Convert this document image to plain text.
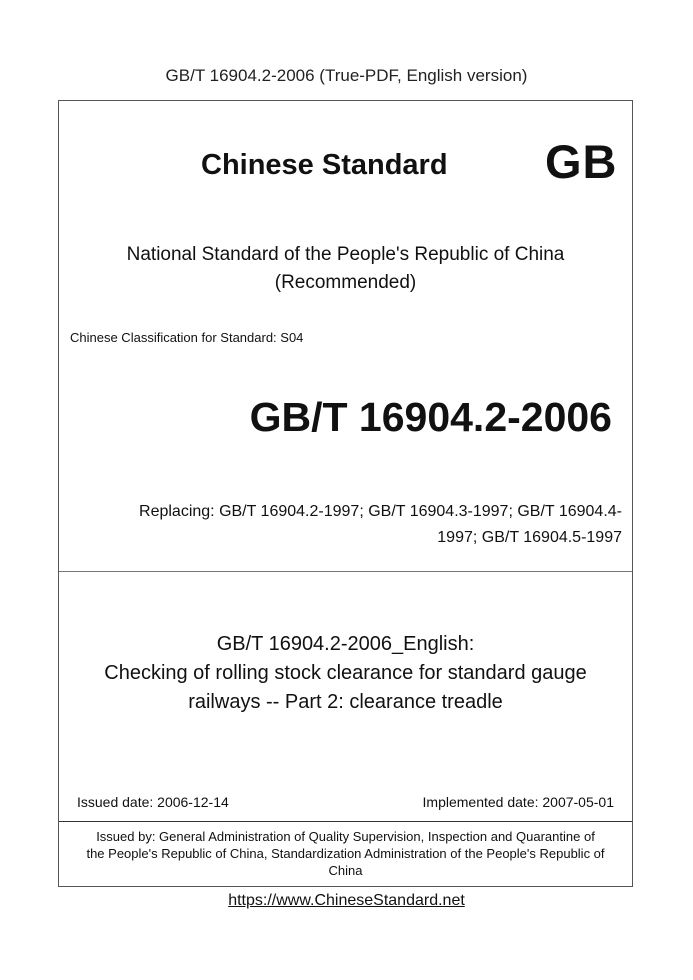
GB/T 16904.2-2006 (True-PDF, English version)
Chinese Standard GB
National Standard of the People's Republic of China
(Recommended)
Chinese Classification for Standard: S04
GB/T 16904.2-2006
Replacing: GB/T 16904.2-1997; GB/T 16904.3-1997; GB/T 16904.4-
1997; GB/T 16904.5-1997
GB/T 16904.2-2006_English:
Checking of rolling stock clearance for standard gauge
railways -- Part 2: clearance treadle
Issued date: 2006-12-14	Implemented date: 2007-05-01
Issued by: General Administration of Quality Supervision, Inspection and Quarantine of
the People's Republic of China, Standardization Administration of the People's Republic of
China
https://www.ChineseStandard.net
